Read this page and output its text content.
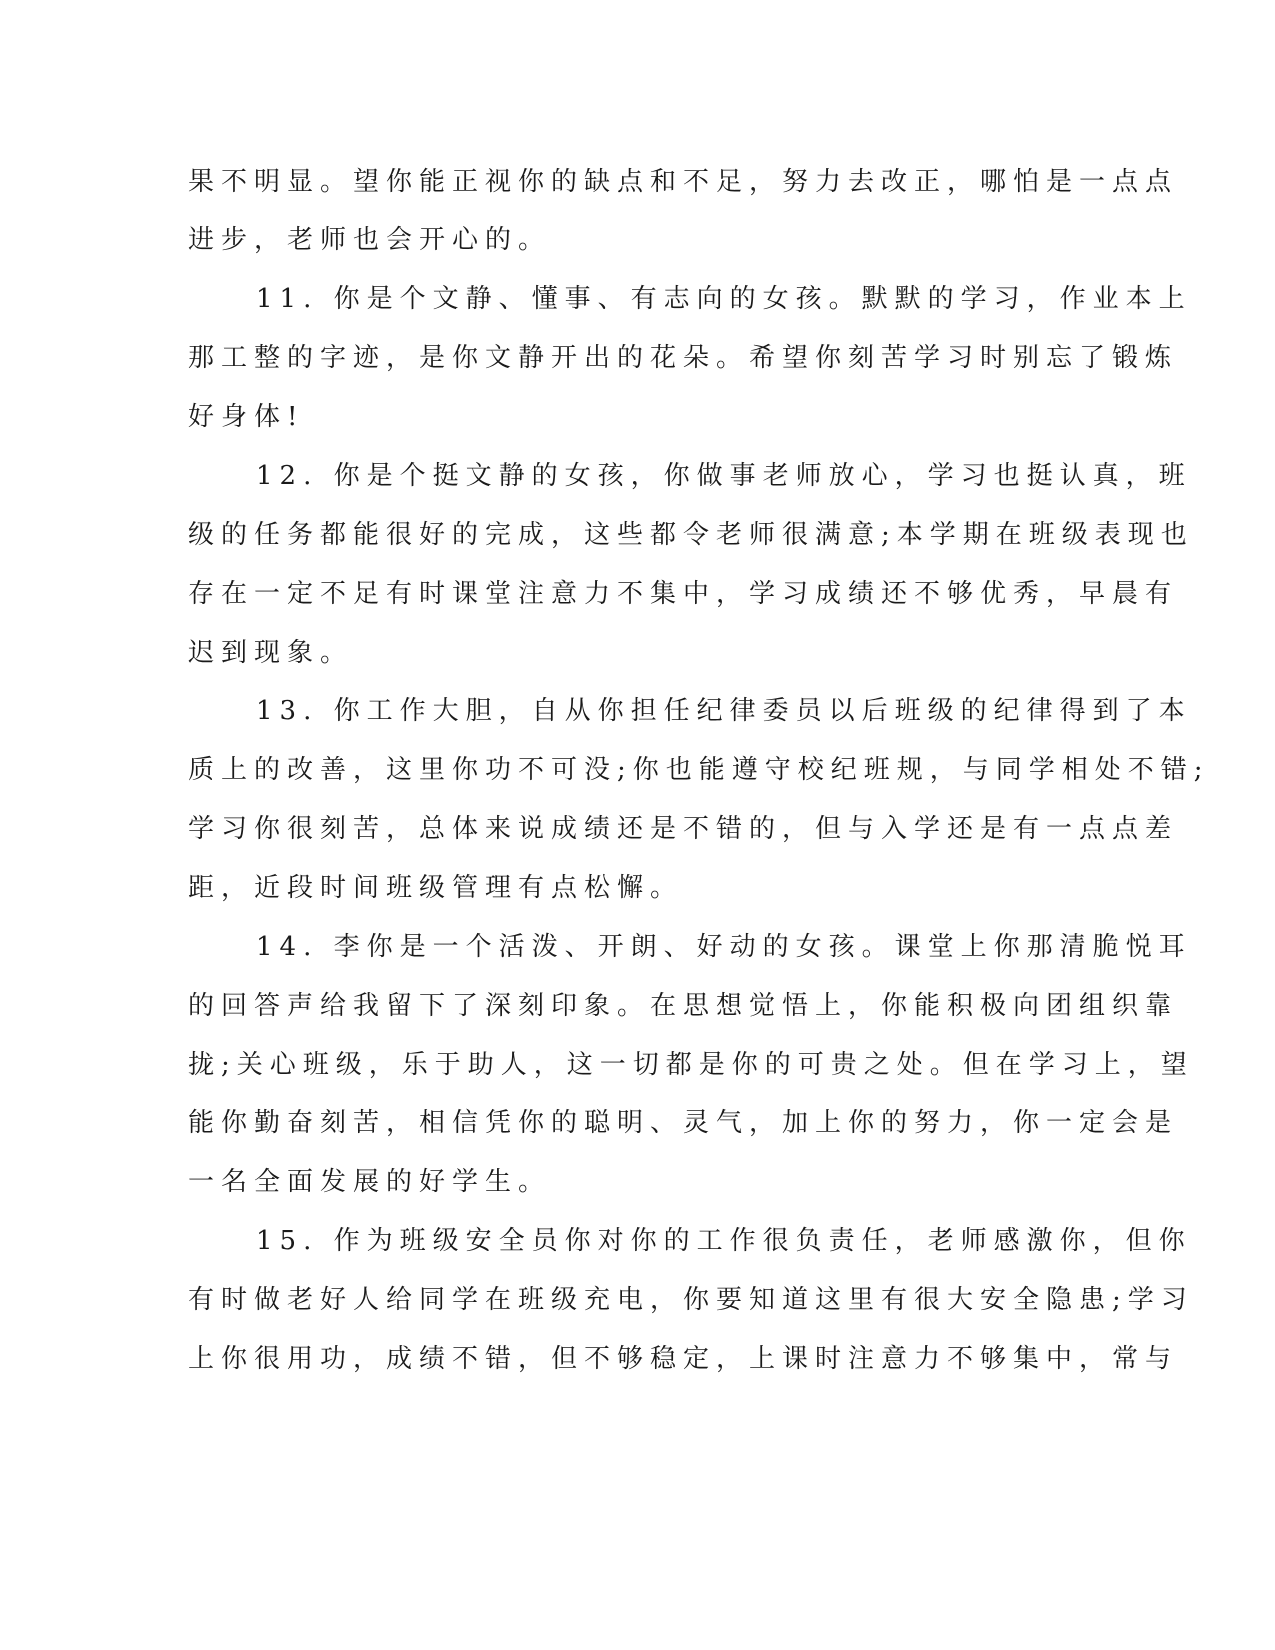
果不明显。望你能正视你的缺点和不足，努力去改正，哪怕是一点点

进步，老师也会开心的。

11. 你是个文静、懂事、有志向的女孩。默默的学习，作业本上

那工整的字迹，是你文静开出的花朵。希望你刻苦学习时别忘了锻炼

好身体!

12. 你是个挺文静的女孩，你做事老师放心，学习也挺认真，班

级的任务都能很好的完成，这些都令老师很满意;本学期在班级表现也

存在一定不足有时课堂注意力不集中，学习成绩还不够优秀，早晨有

迟到现象。

13. 你工作大胆，自从你担任纪律委员以后班级的纪律得到了本

质上的改善，这里你功不可没;你也能遵守校纪班规，与同学相处不错;

学习你很刻苦，总体来说成绩还是不错的，但与入学还是有一点点差

距，近段时间班级管理有点松懈。

14. 李你是一个活泼、开朗、好动的女孩。课堂上你那清脆悦耳

的回答声给我留下了深刻印象。在思想觉悟上，你能积极向团组织靠

拢;关心班级，乐于助人，这一切都是你的可贵之处。但在学习上，望

能你勤奋刻苦，相信凭你的聪明、灵气，加上你的努力，你一定会是

一名全面发展的好学生。

15. 作为班级安全员你对你的工作很负责任，老师感激你，但你

有时做老好人给同学在班级充电，你要知道这里有很大安全隐患;学习

上你很用功，成绩不错，但不够稳定，上课时注意力不够集中，常与
